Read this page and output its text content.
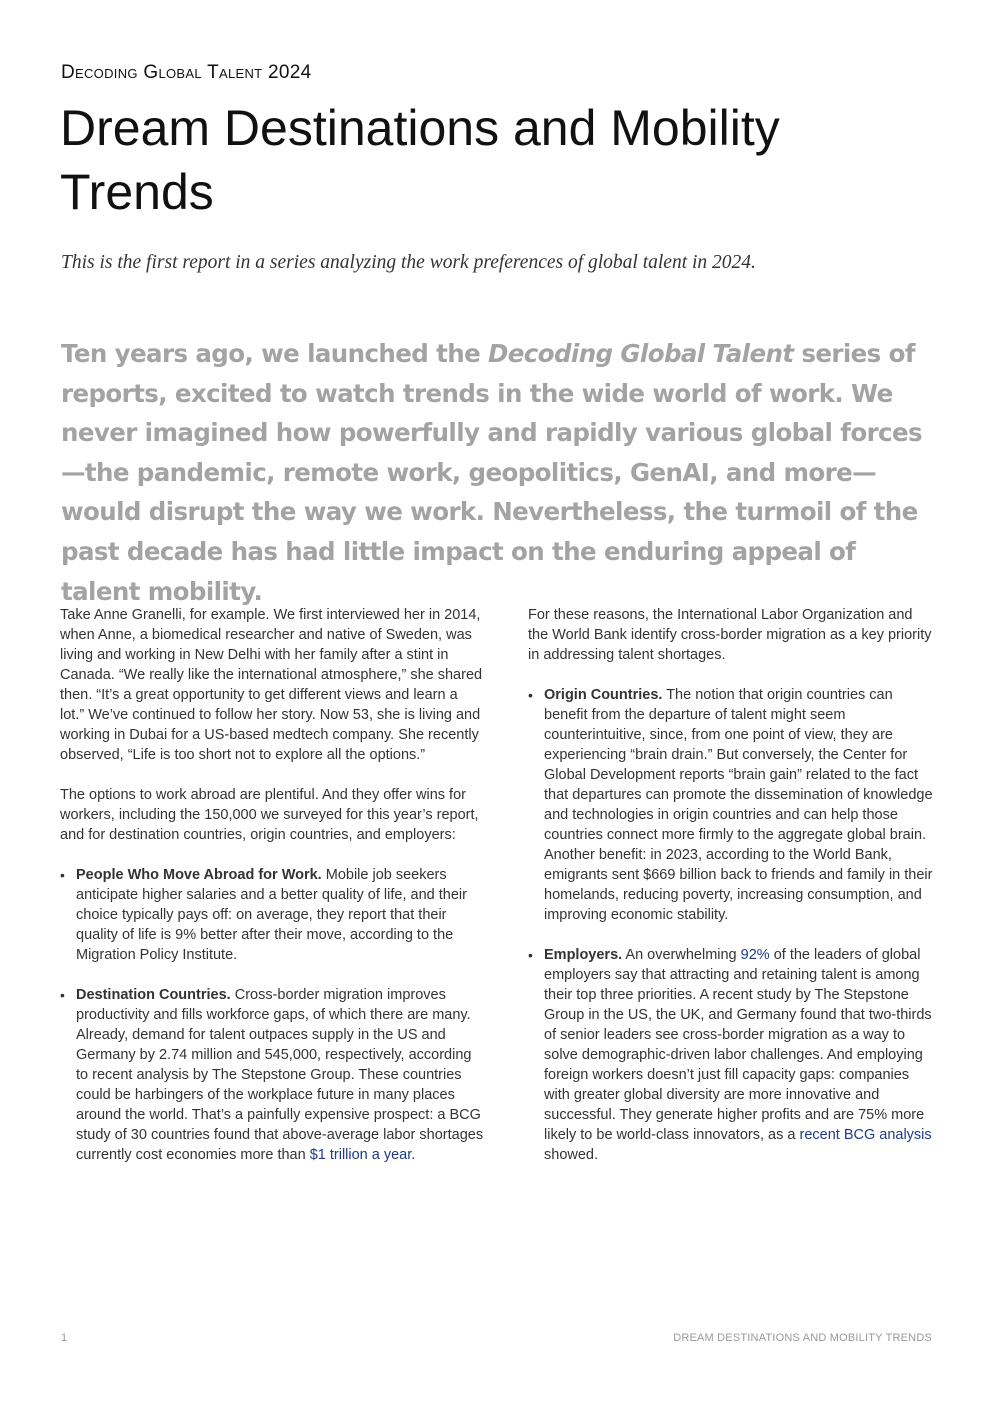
Decoding Global Talent 2024
Dream Destinations and Mobility Trends
This is the first report in a series analyzing the work preferences of global talent in 2024.
Ten years ago, we launched the Decoding Global Talent series of reports, excited to watch trends in the wide world of work. We never imagined how powerfully and rapidly various global forces—the pandemic, remote work, geopolitics, GenAI, and more—would disrupt the way we work. Nevertheless, the turmoil of the past decade has had little impact on the enduring appeal of talent mobility.

Take Anne Granelli, for example. We first interviewed her in 2014, when Anne, a biomedical researcher and native of Sweden, was living and working in New Delhi with her family after a stint in Canada. “We really like the international atmosphere,” she shared then. “It’s a great opportunity to get different views and learn a lot.” We’ve continued to follow her story. Now 53, she is living and working in Dubai for a US-based medtech company. She recently observed, “Life is too short not to explore all the options.”

The options to work abroad are plentiful. And they offer wins for workers, including the 150,000 we surveyed for this year’s report, and for destination countries, origin countries, and employers:

• People Who Move Abroad for Work. Mobile job seekers anticipate higher salaries and a better quality of life, and their choice typically pays off: on average, they report that their quality of life is 9% better after their move, according to the Migration Policy Institute.
• Destination Countries. Cross-border migration improves productivity and fills workforce gaps, of which there are many. Already, demand for talent outpaces supply in the US and Germany by 2.74 million and 545,000, respectively, according to recent analysis by The Stepstone Group. These countries could be harbingers of the workplace future in many places around the world. That’s a painfully expensive prospect: a BCG study of 30 countries found that above-average labor shortages currently cost economies more than $1 trillion a year.

For these reasons, the International Labor Organization and the World Bank identify cross-border migration as a key priority in addressing talent shortages.

• Origin Countries. The notion that origin countries can benefit from the departure of talent might seem counterintuitive, since, from one point of view, they are experiencing “brain drain.” But conversely, the Center for Global Development reports “brain gain” related to the fact that departures can promote the dissemination of knowledge and technologies in origin countries and can help those countries connect more firmly to the aggregate global brain. Another benefit: in 2023, according to the World Bank, emigrants sent $669 billion back to friends and family in their homelands, reducing poverty, increasing consumption, and improving economic stability.
• Employers. An overwhelming 92% of the leaders of global employers say that attracting and retaining talent is among their top three priorities. A recent study by The Stepstone Group in the US, the UK, and Germany found that two-thirds of senior leaders see cross-border migration as a way to solve demographic-driven labor challenges. And employing foreign workers doesn’t just fill capacity gaps: companies with greater global diversity are more innovative and successful. They generate higher profits and are 75% more likely to be world-class innovators, as a recent BCG analysis showed.
1	DREAM DESTINATIONS AND MOBILITY TRENDS
